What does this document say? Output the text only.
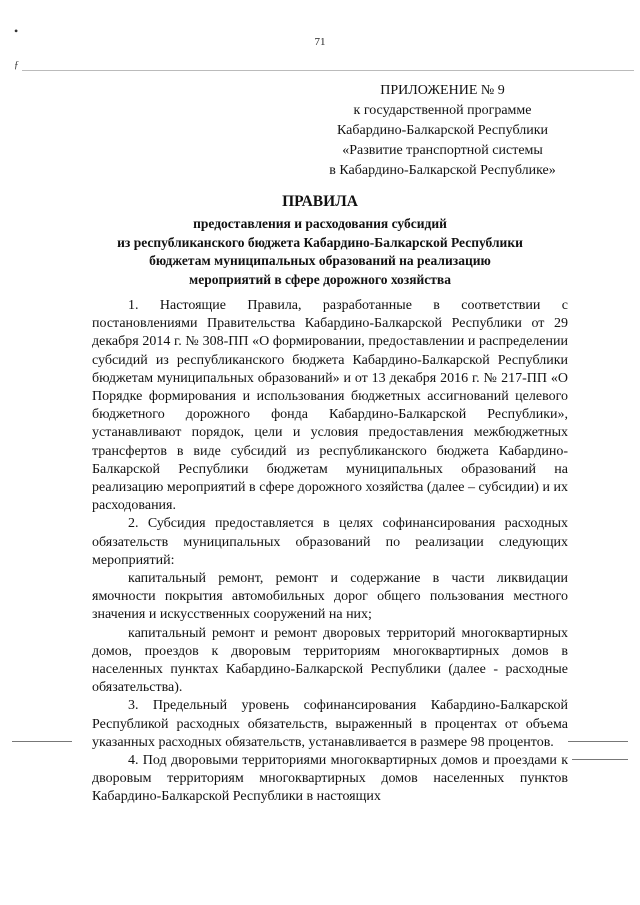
•
ƒ
71
ПРИЛОЖЕНИЕ № 9
к государственной программе
Кабардино-Балкарской Республики
«Развитие транспортной системы
в Кабардино-Балкарской Республике»
ПРАВИЛА
предоставления и расходования субсидий
из республиканского бюджета Кабардино-Балкарской Республики
бюджетам муниципальных образований на реализацию
мероприятий в сфере дорожного хозяйства

1. Настоящие Правила, разработанные в соответствии с постановлениями Правительства Кабардино-Балкарской Республики от 29 декабря 2014 г. № 308-ПП «О формировании, предоставлении и распределении субсидий из республиканского бюджета Кабардино-Балкарской Республики бюджетам муниципальных образований» и от 13 декабря 2016 г. № 217-ПП «О Порядке формирования и использования бюджетных ассигнований целевого бюджетного дорожного фонда Кабардино-Балкарской Республики», устанавливают порядок, цели и условия предоставления межбюджетных трансфертов в виде субсидий из республиканского бюджета Кабардино-Балкарской Республики бюджетам муниципальных образований на реализацию мероприятий в сфере дорожного хозяйства (далее – субсидии) и их расходования.

2. Субсидия предоставляется в целях софинансирования расходных обязательств муниципальных образований по реализации следующих мероприятий:

капитальный ремонт, ремонт и содержание в части ликвидации ямочности покрытия автомобильных дорог общего пользования местного значения и искусственных сооружений на них;

капитальный ремонт и ремонт дворовых территорий многоквартирных домов, проездов к дворовым территориям многоквартирных домов в населенных пунктах Кабардино-Балкарской Республики (далее - расходные обязательства).

3. Предельный уровень софинансирования Кабардино-Балкарской Республикой расходных обязательств, выраженный в процентах от объема указанных расходных обязательств, устанавливается в размере 98 процентов.

4. Под дворовыми территориями многоквартирных домов и проездами к дворовым территориям многоквартирных домов населенных пунктов Кабардино-Балкарской Республики в настоящих
